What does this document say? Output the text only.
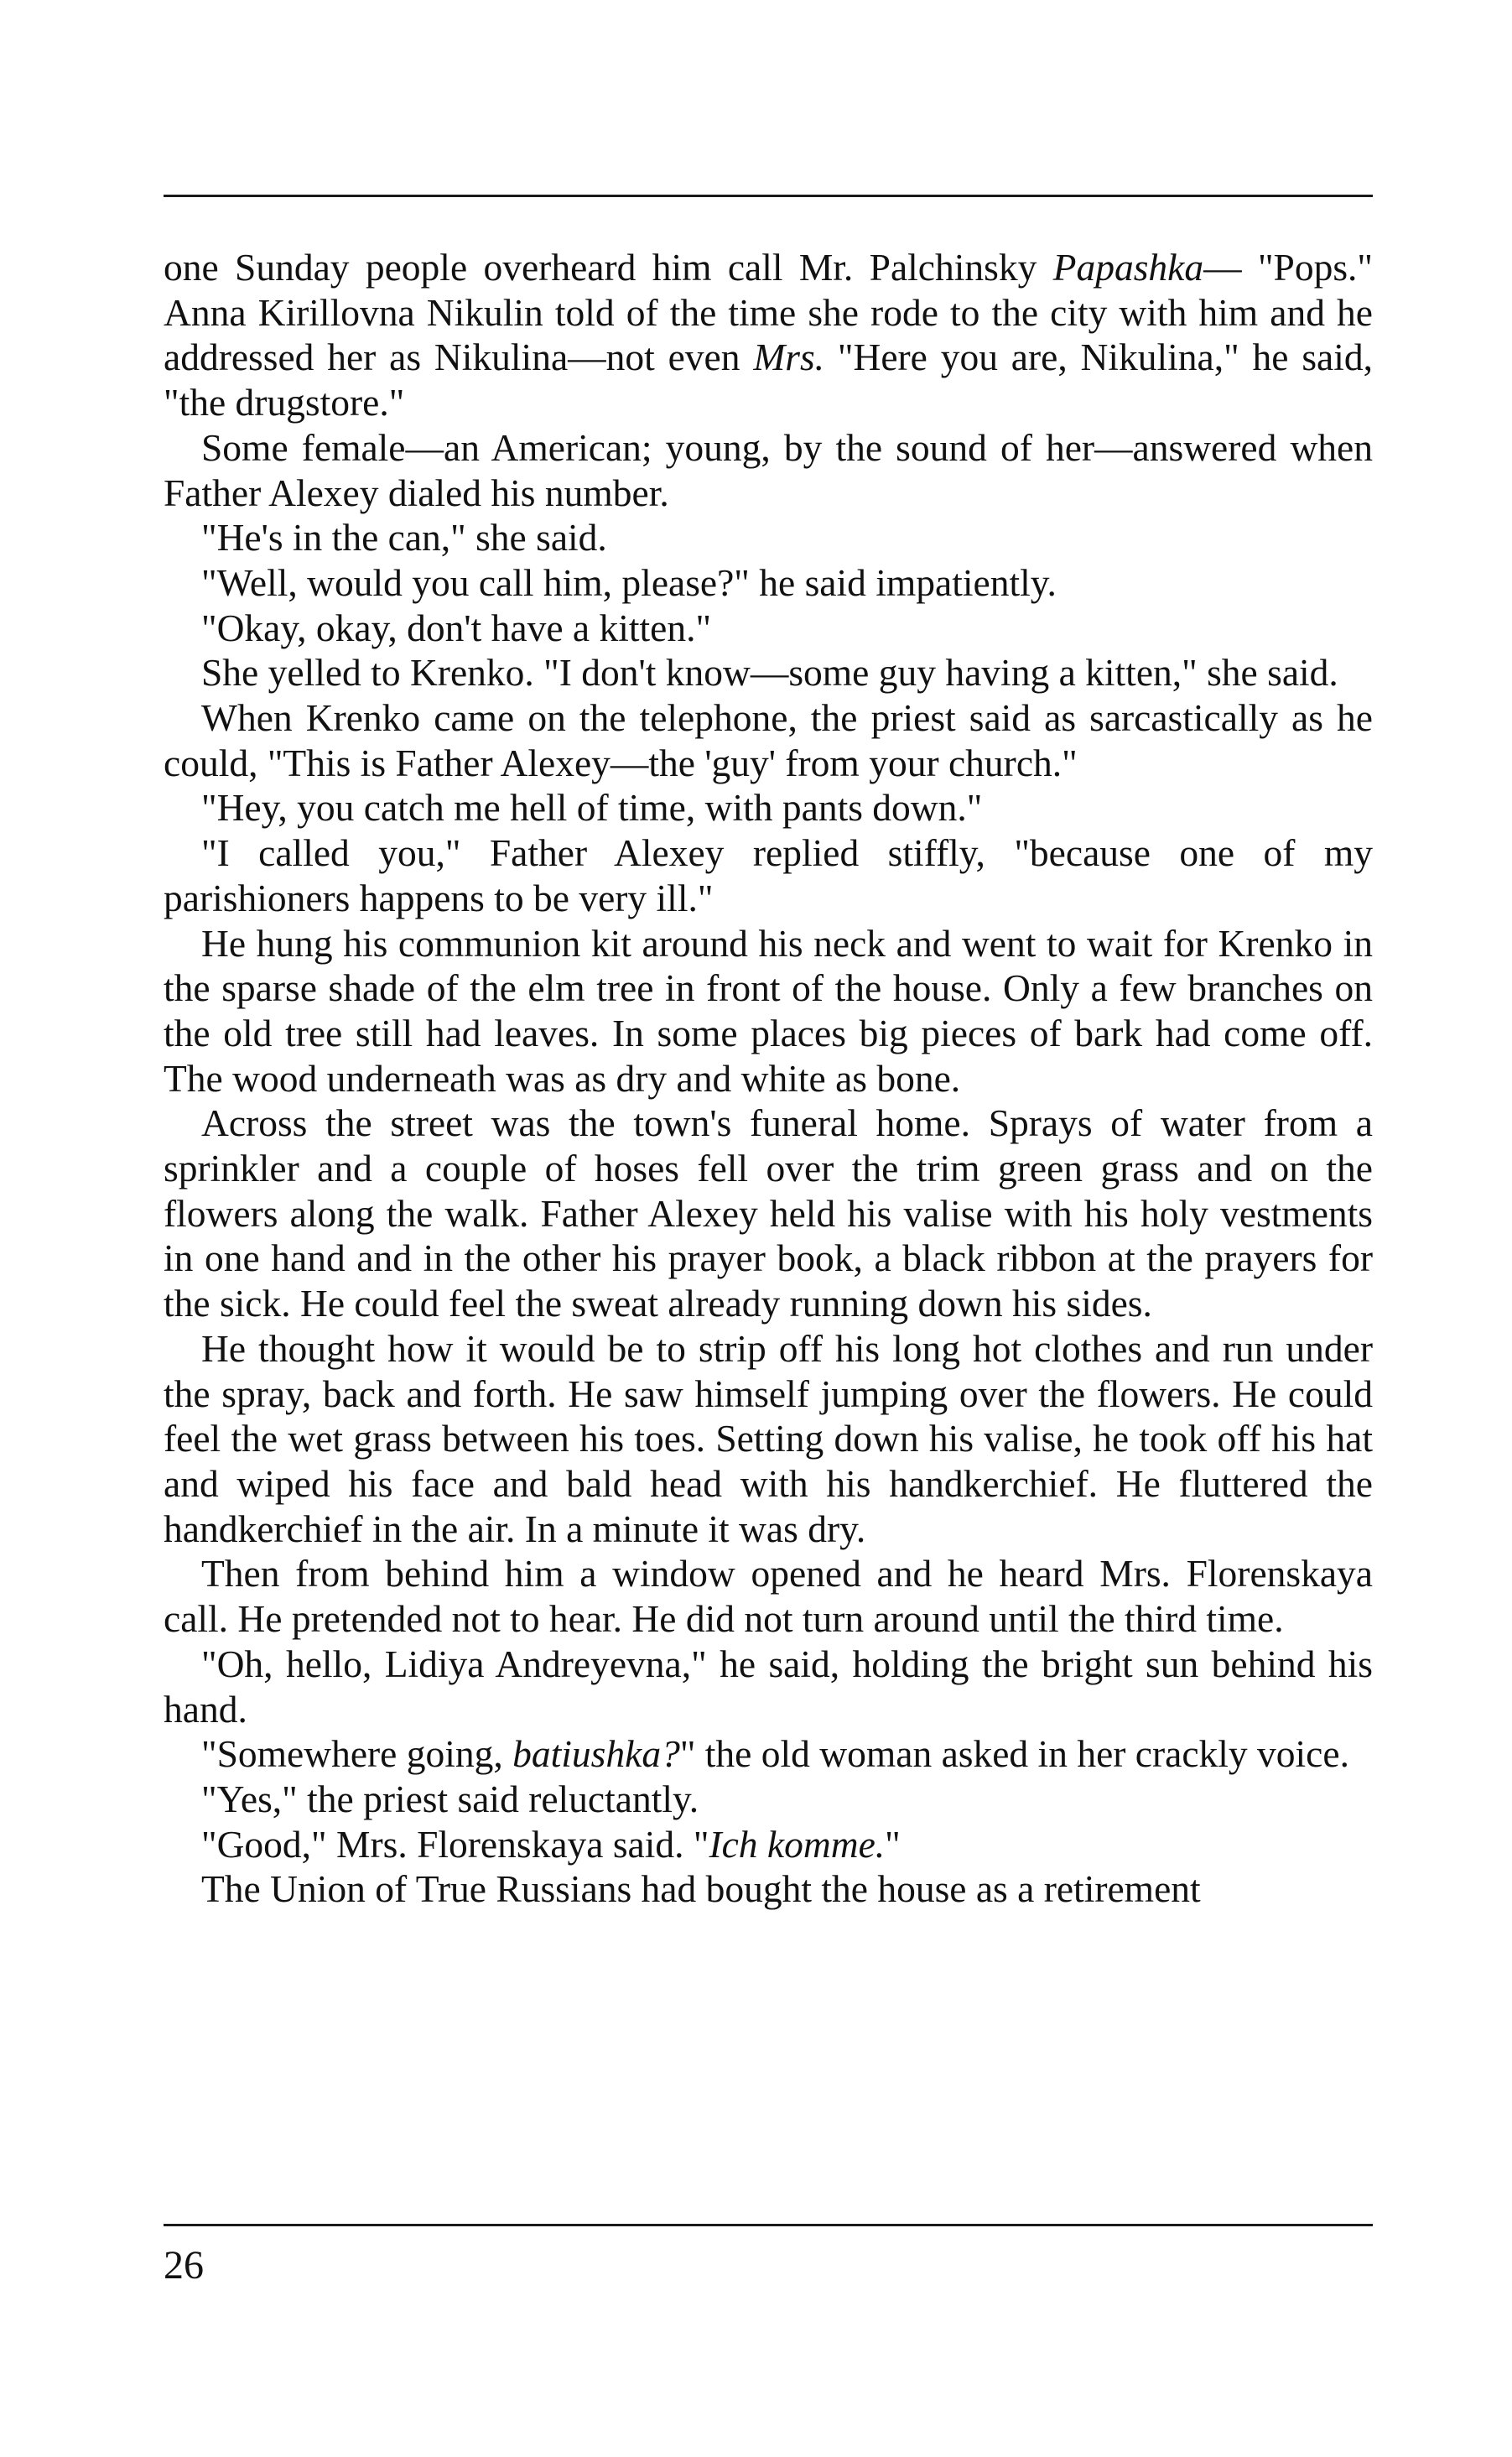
one Sunday people overheard him call Mr. Palchinsky Papashka— "Pops." Anna Kirillovna Nikulin told of the time she rode to the city with him and he addressed her as Nikulina—not even Mrs. "Here you are, Nikulina," he said, "the drugstore."

Some female—an American; young, by the sound of her—answered when Father Alexey dialed his number.

"He's in the can," she said.

"Well, would you call him, please?" he said impatiently.

"Okay, okay, don't have a kitten."

She yelled to Krenko. "I don't know—some guy having a kitten," she said.

When Krenko came on the telephone, the priest said as sarcastically as he could, "This is Father Alexey—the 'guy' from your church."

"Hey, you catch me hell of time, with pants down."

"I called you," Father Alexey replied stiffly, "because one of my parishioners happens to be very ill."

He hung his communion kit around his neck and went to wait for Krenko in the sparse shade of the elm tree in front of the house. Only a few branches on the old tree still had leaves. In some places big pieces of bark had come off. The wood underneath was as dry and white as bone.

Across the street was the town's funeral home. Sprays of water from a sprinkler and a couple of hoses fell over the trim green grass and on the flowers along the walk. Father Alexey held his valise with his holy vestments in one hand and in the other his prayer book, a black ribbon at the prayers for the sick. He could feel the sweat already running down his sides.

He thought how it would be to strip off his long hot clothes and run under the spray, back and forth. He saw himself jumping over the flowers. He could feel the wet grass between his toes. Setting down his valise, he took off his hat and wiped his face and bald head with his handkerchief. He fluttered the handkerchief in the air. In a minute it was dry.

Then from behind him a window opened and he heard Mrs. Florenskaya call. He pretended not to hear. He did not turn around until the third time.

"Oh, hello, Lidiya Andreyevna," he said, holding the bright sun behind his hand.

"Somewhere going, batiushka?" the old woman asked in her crackly voice.

"Yes," the priest said reluctantly.

"Good," Mrs. Florenskaya said. "Ich komme."

The Union of True Russians had bought the house as a retirement

26
